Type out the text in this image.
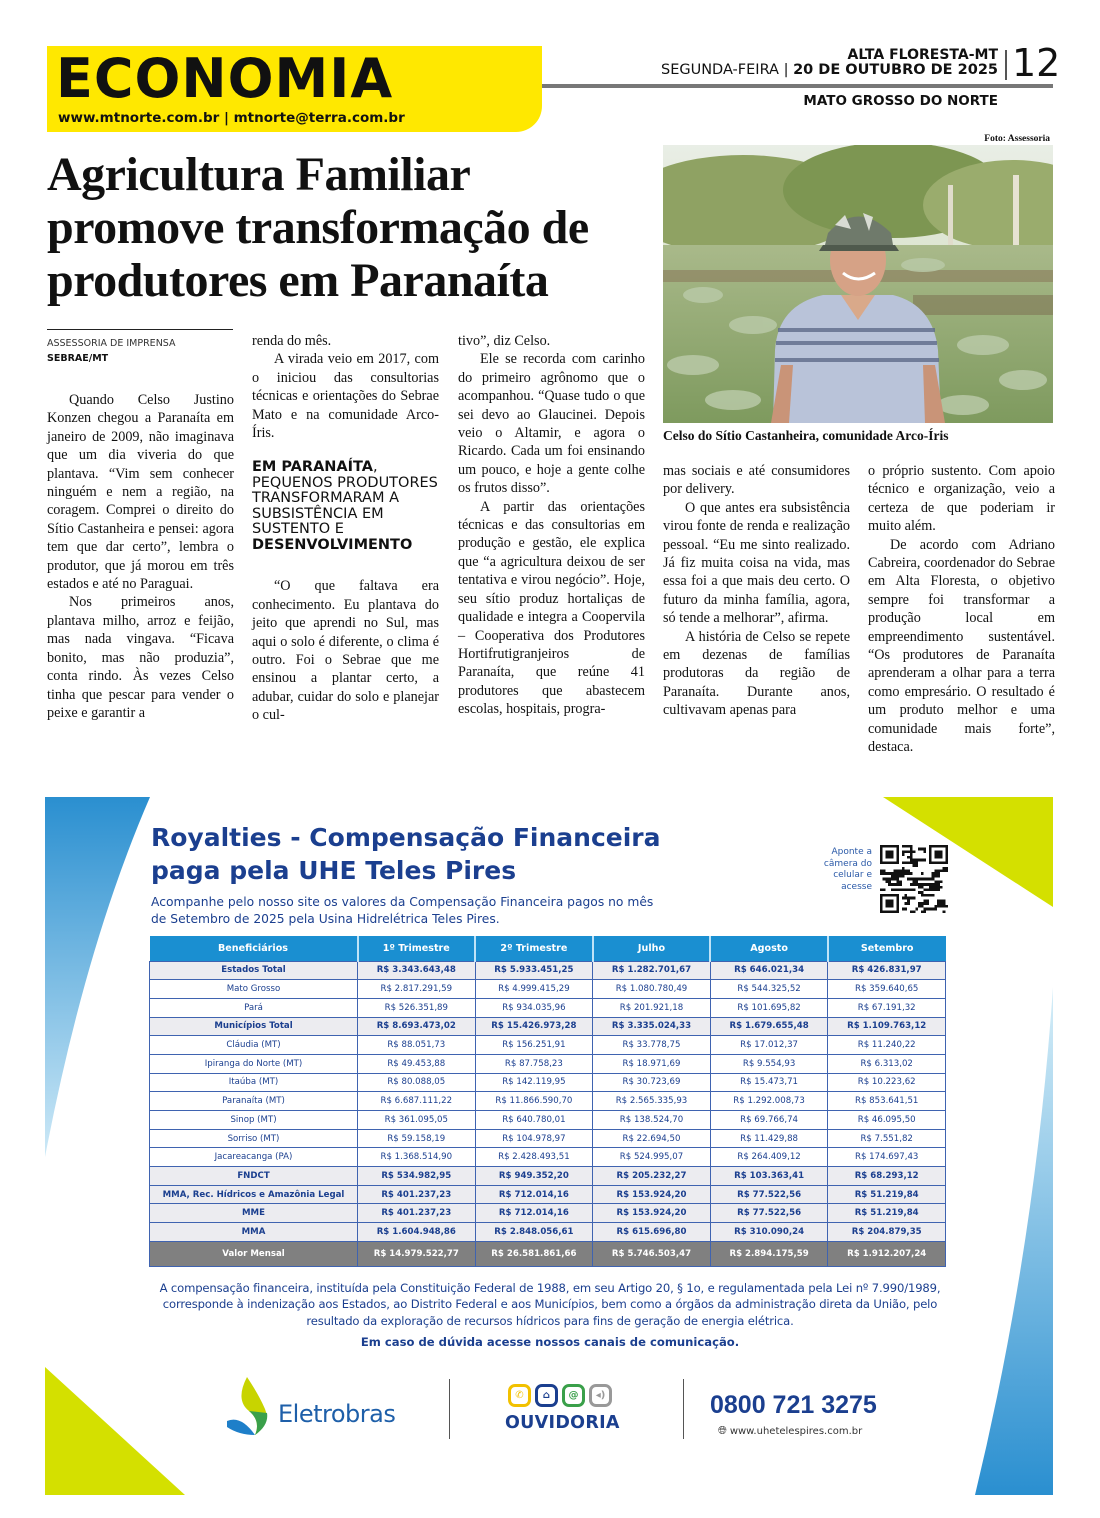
ECONOMIA
www.mtnorte.com.br | mtnorte@terra.com.br
ALTA FLORESTA-MT
SEGUNDA-FEIRA | 20 DE OUTUBRO DE 2025 12
MATO GROSSO DO NORTE
Agricultura Familiar promove transformação de produtores em Paranaíta
Foto: Assessoria
Celso do Sítio Castanheira, comunidade Arco-Íris
ASSESSORIA DE IMPRENSA
SEBRAE/MT

Quando Celso Justino Konzen chegou a Paranaíta em janeiro de 2009, não imaginava que um dia viveria do que plantava. “Vim sem conhecer ninguém e nem a região, na coragem. Comprei o direito do Sítio Castanheira e pensei: agora tem que dar certo”, lembra o produtor, que já morou em três estados e até no Paraguai.

Nos primeiros anos, plantava milho, arroz e feijão, mas nada vingava. “Ficava bonito, mas não produzia”, conta rindo. Às vezes Celso tinha que pescar para vender o peixe e garantir a

renda do mês.

A virada veio em 2017, com o iniciou das consultorias técnicas e orientações do Sebrae Mato e na comunidade Arco-Íris.

EM PARANAÍTA, PEQUENOS PRODUTORES TRANSFORMARAM A SUBSISTÊNCIA EM SUSTENTO E DESENVOLVIMENTO

“O que faltava era conhecimento. Eu plantava do jeito que aprendi no Sul, mas aqui o solo é diferente, o clima é outro. Foi o Sebrae que me ensinou a plantar certo, a adubar, cuidar do solo e planejar o cul-

tivo”, diz Celso.

Ele se recorda com carinho do primeiro agrônomo que o acompanhou. “Quase tudo o que sei devo ao Glaucinei. Depois veio o Altamir, e agora o Ricardo. Cada um foi ensinando um pouco, e hoje a gente colhe os frutos disso”.

A partir das orientações técnicas e das consultorias em produção e gestão, ele explica que “a agricultura deixou de ser tentativa e virou negócio”. Hoje, seu sítio produz hortaliças de qualidade e integra a Coopervila – Cooperativa dos Produtores Hortifrutigranjeiros de Paranaíta, que reúne 41 produtores que abastecem escolas, hospitais, progra-

mas sociais e até consumidores por delivery.

O que antes era subsistência virou fonte de renda e realização pessoal. “Eu me sinto realizado. Já fiz muita coisa na vida, mas essa foi a que mais deu certo. O futuro da minha família, agora, só tende a melhorar”, afirma.

A história de Celso se repete em dezenas de famílias produtoras da região de Paranaíta. Durante anos, cultivavam apenas para

o próprio sustento. Com apoio técnico e organização, veio a certeza de que poderiam ir muito além.

De acordo com Adriano Cabreira, coordenador do Sebrae em Alta Floresta, o objetivo sempre foi transformar a produção local em empreendimento sustentável. “Os produtores de Paranaíta aprenderam a olhar para a terra como empresário. O resultado é um produto melhor e uma comunidade mais forte”, destaca.

Royalties - Compensação Financeira
paga pela UHE Teles Pires
Acompanhe pelo nosso site os valores da Compensação Financeira pagos no mês de Setembro de 2025 pela Usina Hidrelétrica Teles Pires.
Aponte a câmera do celular e acesse
Beneficiários	1º Trimestre	2º Trimestre	Julho	Agosto	Setembro
Estados Total	R$ 3.343.643,48	R$ 5.933.451,25	R$ 1.282.701,67	R$ 646.021,34	R$ 426.831,97
Mato Grosso	R$ 2.817.291,59	R$ 4.999.415,29	R$ 1.080.780,49	R$ 544.325,52	R$ 359.640,65
Pará	R$ 526.351,89	R$ 934.035,96	R$ 201.921,18	R$ 101.695,82	R$ 67.191,32
Municípios Total	R$ 8.693.473,02	R$ 15.426.973,28	R$ 3.335.024,33	R$ 1.679.655,48	R$ 1.109.763,12
Cláudia (MT)	R$ 88.051,73	R$ 156.251,91	R$ 33.778,75	R$ 17.012,37	R$ 11.240,22
Ipiranga do Norte (MT)	R$ 49.453,88	R$ 87.758,23	R$ 18.971,69	R$ 9.554,93	R$ 6.313,02
Itaúba (MT)	R$ 80.088,05	R$ 142.119,95	R$ 30.723,69	R$ 15.473,71	R$ 10.223,62
Paranaíta (MT)	R$ 6.687.111,22	R$ 11.866.590,70	R$ 2.565.335,93	R$ 1.292.008,73	R$ 853.641,51
Sinop (MT)	R$ 361.095,05	R$ 640.780,01	R$ 138.524,70	R$ 69.766,74	R$ 46.095,50
Sorriso (MT)	R$ 59.158,19	R$ 104.978,97	R$ 22.694,50	R$ 11.429,88	R$ 7.551,82
Jacareacanga (PA)	R$ 1.368.514,90	R$ 2.428.493,51	R$ 524.995,07	R$ 264.409,12	R$ 174.697,43
FNDCT	R$ 534.982,95	R$ 949.352,20	R$ 205.232,27	R$ 103.363,41	R$ 68.293,12
MMA, Rec. Hídricos e Amazônia Legal	R$ 401.237,23	R$ 712.014,16	R$ 153.924,20	R$ 77.522,56	R$ 51.219,84
MME	R$ 401.237,23	R$ 712.014,16	R$ 153.924,20	R$ 77.522,56	R$ 51.219,84
MMA	R$ 1.604.948,86	R$ 2.848.056,61	R$ 615.696,80	R$ 310.090,24	R$ 204.879,35
Valor Mensal	R$ 14.979.522,77	R$ 26.581.861,66	R$ 5.746.503,47	R$ 2.894.175,59	R$ 1.912.207,24
A compensação financeira, instituída pela Constituição Federal de 1988, em seu Artigo 20, § 1o, e regulamentada pela Lei nº 7.990/1989, corresponde à indenização aos Estados, ao Distrito Federal e aos Municípios, bem como a órgãos da administração direta da União, pelo resultado da exploração de recursos hídricos para fins de geração de energia elétrica.
Em caso de dúvida acesse nossos canais de comunicação.
Eletrobras
✆	⌂	@	◂)
OUVIDORIA
0800 721 3275
🌐︎ www.uhetelespires.com.br
